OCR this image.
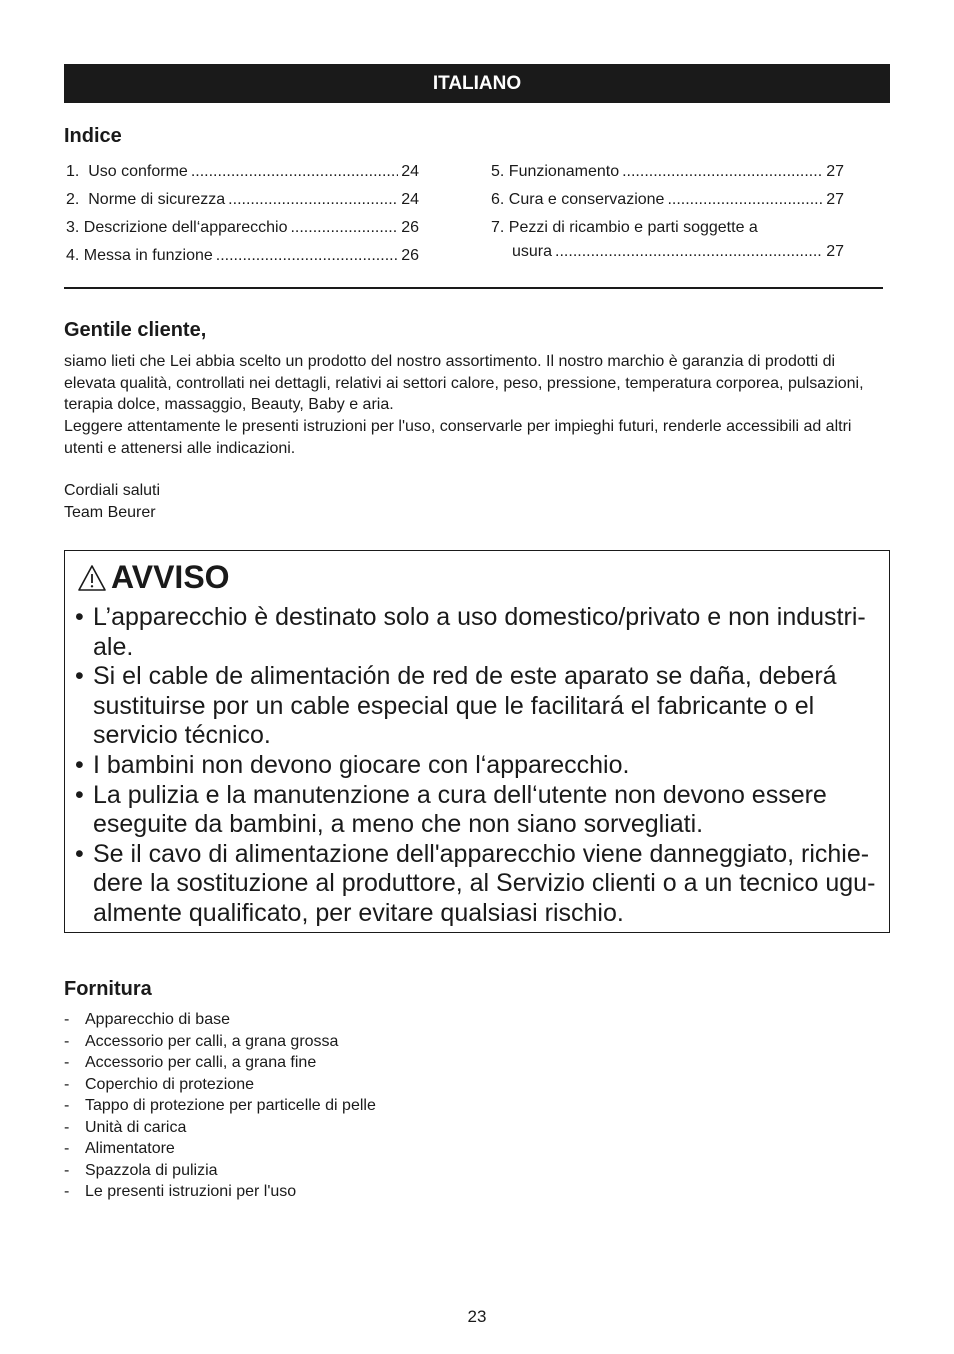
ITALIANO
Indice
1. Uso conforme .....	24
2. Norme di sicurezza .....	24
3. Descrizione dell‘apparecchio .....	26
4. Messa in funzione .....	26
5. Funzionamento .....	27
6. Cura e conservazione .....	27
7. Pezzi di ricambio e parti soggette a
usura .....	27
Gentile cliente,

siamo lieti che Lei abbia scelto un prodotto del nostro assortimento. Il nostro marchio è garanzia di prodotti di elevata qualità, controllati nei dettagli, relativi ai settori calore, peso, pressione, temperatura corporea, pulsazioni, terapia dolce, massaggio, Beauty, Baby e aria.

Leggere attentamente le presenti istruzioni per l'uso, conservarle per impieghi futuri, renderle accessibili ad altri utenti e attenersi alle indicazioni.

Cordiali saluti

Team Beurer

AVVISO
• L’apparecchio è destinato solo a uso domestico/privato e non industriale.
• Si el cable de alimentación de red de este aparato se daña, deberá sustituirse por un cable especial que le facilitará el fabricante o el servicio técnico.
• I bambini non devono giocare con l‘apparecchio.
• La pulizia e la manutenzione a cura dell‘utente non devono essere eseguite da bambini, a meno che non siano sorvegliati.
• Se il cavo di alimentazione dell'apparecchio viene danneggiato, richiedere la sostituzione al produttore, al Servizio clienti o a un tecnico ugualmente qualificato, per evitare qualsiasi rischio.
Fornitura
- Apparecchio di base
- Accessorio per calli, a grana grossa
- Accessorio per calli, a grana fine
- Coperchio di protezione
- Tappo di protezione per particelle di pelle
- Unità di carica
- Alimentatore
- Spazzola di pulizia
- Le presenti istruzioni per l'uso
23
